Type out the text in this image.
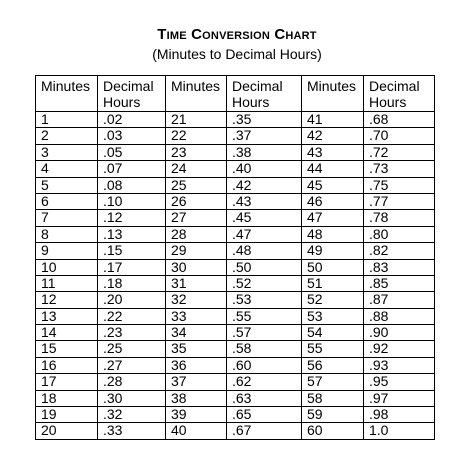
Time Conversion Chart
(Minutes to Decimal Hours)
Minutes	Decimal Hours	Minutes	Decimal Hours	Minutes	Decimal Hours
1	.02	21	.35	41	.68
2	.03	22	.37	42	.70
3	.05	23	.38	43	.72
4	.07	24	.40	44	.73
5	.08	25	.42	45	.75
6	.10	26	.43	46	.77
7	.12	27	.45	47	.78
8	.13	28	.47	48	.80
9	.15	29	.48	49	.82
10	.17	30	.50	50	.83
11	.18	31	.52	51	.85
12	.20	32	.53	52	.87
13	.22	33	.55	53	.88
14	.23	34	.57	54	.90
15	.25	35	.58	55	.92
16	.27	36	.60	56	.93
17	.28	37	.62	57	.95
18	.30	38	.63	58	.97
19	.32	39	.65	59	.98
20	.33	40	.67	60	1.0
